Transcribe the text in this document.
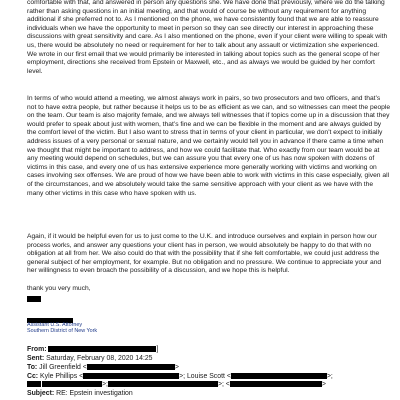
comfortable with that, and answered in person any questions she. We have done that previously, where we do the talking rather than asking questions in an initial meeting, and that would of course be without any requirement for anything additional if she preferred not to. As I mentioned on the phone, we have consistently found that we are able to reassure individuals when we have the opportunity to meet in person so they can see directly our interest in approaching these discussions with great sensitivity and care. As I also mentioned on the phone, even if your client were willing to speak with us, there would be absolutely no need or requirement for her to talk about any assault or victimization she experienced. We wrote in our first email that we would primarily be interested in talking about topics such as the general scope of her employment, directions she received from Epstein or Maxwell, etc., and as always we would be guided by her comfort level.

In terms of who would attend a meeting, we almost always work in pairs, so two prosecutors and two officers, and that’s not to have extra people, but rather because it helps us to be as efficient as we can, and so witnesses can meet the people on the team. Our team is also majority female, and we always tell witnesses that if topics come up in a discussion that they would prefer to speak about just with women, that’s fine and we can be flexible in the moment and are always guided by the comfort level of the victim. But I also want to stress that in terms of your client in particular, we don’t expect to initially address issues of a very personal or sexual nature, and we certainly would tell you in advance if there came a time when we thought that might be important to address, and how we could facilitate that. Who exactly from our team would be at any meeting would depend on schedules, but we can assure you that every one of us has now spoken with dozens of victims in this case, and every one of us has extensive experience more generally working with victims and working on cases involving sex offenses. We are proud of how we have been able to work with victims in this case especially, given all of the circumstances, and we absolutely would take the same sensitive approach with your client as we have with the many other victims in this case who have spoken with us.

Again, if it would be helpful even for us to just come to the U.K. and introduce ourselves and explain in person how our process works, and answer any questions your client has in person, we would absolutely be happy to do that with no obligation at all from her. We also could do that with the possibility that if she felt comfortable, we could just address the general subject of her employment, for example. But no obligation and no pressure. We continue to appreciate your and her willingness to even broach the possibility of a discussion, and we hope this is helpful.

thank you very much,
Assistant U.S. Attorney
Southern District of New York
From:	]
Sent: Saturday, February 08, 2020 14:25
To: Jill Greenfield <	>
Cc: Kyle Phillips <	>; Louise Scott <	>;
>;	>; <	>
Subject: RE: Epstein investigation
